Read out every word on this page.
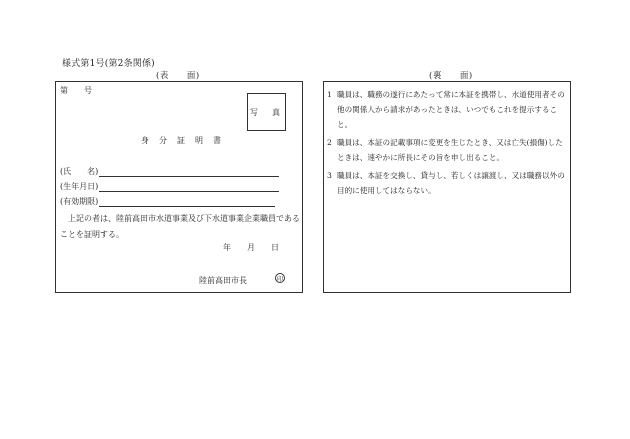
様式第1号(第2条関係)
(表　　面)	(裏　　面)
第　　号
写　真
身　分　証　明　書
(氏　　名)
(生年月日)
(有効期限)
上記の者は、陸前高田市水道事業及び下水道事業企業職員であることを証明する。
年　　月　　日
陸前高田市長	印
1 職員は、職務の遂行にあたって常に本証を携帯し、水道使用者その他の関係人から請求があったときは、いつでもこれを提示すること。
2 職員は、本証の記載事項に変更を生じたとき、又は亡失(損傷)したときは、速やかに所長にその旨を申し出ること。
3 職員は、本証を交換し、貸与し、若しくは譲渡し、又は職務以外の目的に使用してはならない。
